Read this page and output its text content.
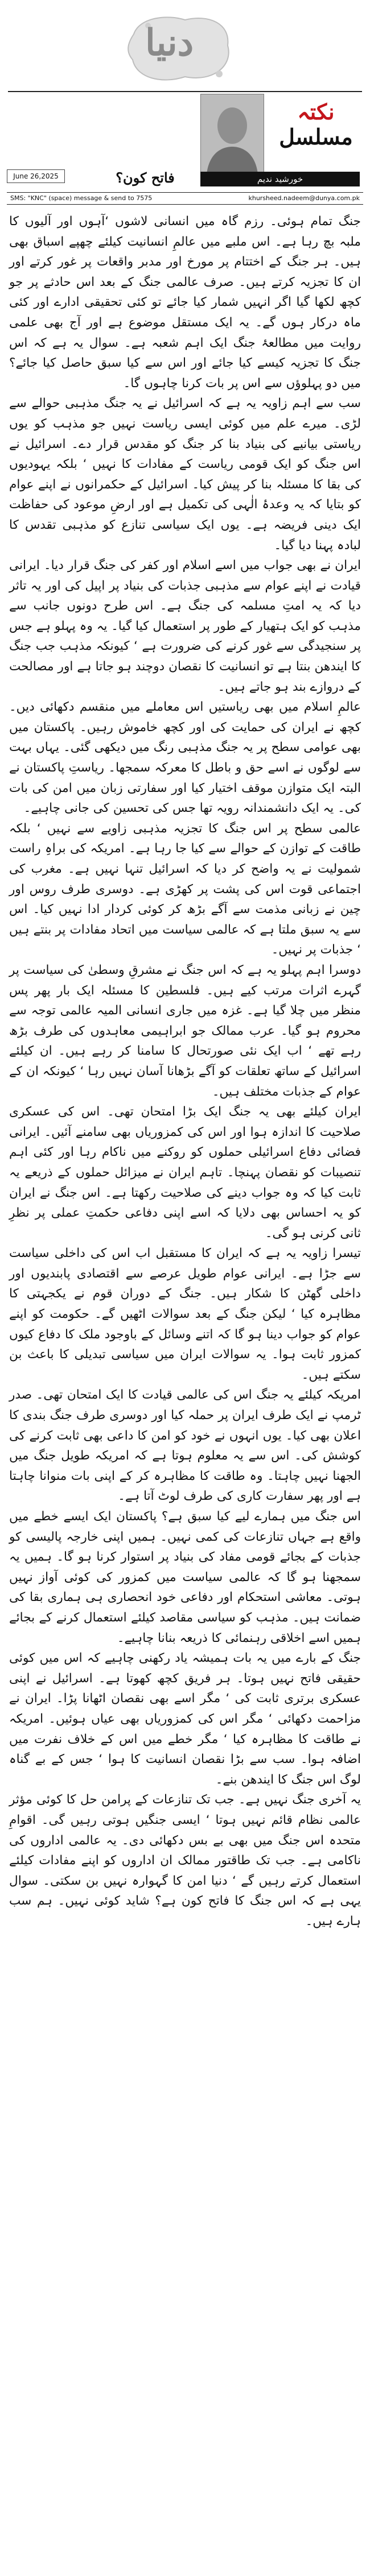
دنیا
نکتہ
مسلسل
خورشید ندیم
June 26,2025	فاتح کون؟
SMS: "KNC" (space) message & send to 7575	khursheed.nadeem@dunya.com.pk

جنگ تمام ہوئی۔ رزم گاہ میں انسانی لاشوں ‘آہوں اور آلیوں کا ملبہ بچ رہا ہے۔ اس ملبے میں عالمِ انسانیت کیلئے چھپے اسباق بھی ہیں۔ ہر جنگ کے اختتام پر مورخ اور مدبر واقعات پر غور کرتے اور ان کا تجزیہ کرتے ہیں۔ صرف عالمی جنگ کے بعد اس حادثے پر جو کچھ لکھا گیا اگر انہیں شمار کیا جائے تو کئی تحقیقی ادارے اور کئی ماہ درکار ہوں گے۔ یہ ایک مستقل موضوع ہے اور آج بھی علمی روایت میں مطالعۂ جنگ ایک اہم شعبہ ہے۔ سوال یہ ہے کہ اس جنگ کا تجزیہ کیسے کیا جائے اور اس سے کیا سبق حاصل کیا جائے؟ میں دو پہلوؤں سے اس پر بات کرنا چاہوں گا۔

سب سے اہم زاویہ یہ ہے کہ اسرائیل نے یہ جنگ مذہبی حوالے سے لڑی۔ میرے علم میں کوئی ایسی ریاست نہیں جو مذہب کو یوں ریاستی بیانیے کی بنیاد بنا کر جنگ کو مقدس قرار دے۔ اسرائیل نے اس جنگ کو ایک قومی ریاست کے مفادات کا نہیں ‘ بلکہ یہودیوں کی بقا کا مسئلہ بنا کر پیش کیا۔ اسرائیل کے حکمرانوں نے اپنے عوام کو بتایا کہ یہ وعدۂ الٰہی کی تکمیل ہے اور ارضِ موعود کی حفاظت ایک دینی فریضہ ہے۔ یوں ایک سیاسی تنازع کو مذہبی تقدس کا لبادہ پہنا دیا گیا۔

ایران نے بھی جواب میں اسے اسلام اور کفر کی جنگ قرار دیا۔ ایرانی قیادت نے اپنے عوام سے مذہبی جذبات کی بنیاد پر اپیل کی اور یہ تاثر دیا کہ یہ امتِ مسلمہ کی جنگ ہے۔ اس طرح دونوں جانب سے مذہب کو ایک ہتھیار کے طور پر استعمال کیا گیا۔ یہ وہ پہلو ہے جس پر سنجیدگی سے غور کرنے کی ضرورت ہے ‘ کیونکہ مذہب جب جنگ کا ایندھن بنتا ہے تو انسانیت کا نقصان دوچند ہو جاتا ہے اور مصالحت کے دروازے بند ہو جاتے ہیں۔

عالمِ اسلام میں بھی ریاستیں اس معاملے میں منقسم دکھائی دیں۔ کچھ نے ایران کی حمایت کی اور کچھ خاموش رہیں۔ پاکستان میں بھی عوامی سطح پر یہ جنگ مذہبی رنگ میں دیکھی گئی۔ یہاں بہت سے لوگوں نے اسے حق و باطل کا معرکہ سمجھا۔ ریاستِ پاکستان نے البتہ ایک متوازن موقف اختیار کیا اور سفارتی زبان میں امن کی بات کی۔ یہ ایک دانشمندانہ رویہ تھا جس کی تحسین کی جانی چاہیے۔

عالمی سطح پر اس جنگ کا تجزیہ مذہبی زاویے سے نہیں ‘ بلکہ طاقت کے توازن کے حوالے سے کیا جا رہا ہے۔ امریکہ کی براہِ راست شمولیت نے یہ واضح کر دیا کہ اسرائیل تنہا نہیں ہے۔ مغرب کی اجتماعی قوت اس کی پشت پر کھڑی ہے۔ دوسری طرف روس اور چین نے زبانی مذمت سے آگے بڑھ کر کوئی کردار ادا نہیں کیا۔ اس سے یہ سبق ملتا ہے کہ عالمی سیاست میں اتحاد مفادات پر بنتے ہیں ‘ جذبات پر نہیں۔

دوسرا اہم پہلو یہ ہے کہ اس جنگ نے مشرقِ وسطیٰ کی سیاست پر گہرے اثرات مرتب کیے ہیں۔ فلسطین کا مسئلہ ایک بار پھر پس منظر میں چلا گیا ہے۔ غزہ میں جاری انسانی المیہ عالمی توجہ سے محروم ہو گیا۔ عرب ممالک جو ابراہیمی معاہدوں کی طرف بڑھ رہے تھے ‘ اب ایک نئی صورتحال کا سامنا کر رہے ہیں۔ ان کیلئے اسرائیل کے ساتھ تعلقات کو آگے بڑھانا آسان نہیں رہا ‘ کیونکہ ان کے عوام کے جذبات مختلف ہیں۔

ایران کیلئے بھی یہ جنگ ایک بڑا امتحان تھی۔ اس کی عسکری صلاحیت کا اندازہ ہوا اور اس کی کمزوریاں بھی سامنے آئیں۔ ایرانی فضائی دفاع اسرائیلی حملوں کو روکنے میں ناکام رہا اور کئی اہم تنصیبات کو نقصان پہنچا۔ تاہم ایران نے میزائل حملوں کے ذریعے یہ ثابت کیا کہ وہ جواب دینے کی صلاحیت رکھتا ہے۔ اس جنگ نے ایران کو یہ احساس بھی دلایا کہ اسے اپنی دفاعی حکمتِ عملی پر نظرِ ثانی کرنی ہو گی۔

تیسرا زاویہ یہ ہے کہ ایران کا مستقبل اب اس کی داخلی سیاست سے جڑا ہے۔ ایرانی عوام طویل عرصے سے اقتصادی پابندیوں اور داخلی گھٹن کا شکار ہیں۔ جنگ کے دوران قوم نے یکجہتی کا مظاہرہ کیا ‘ لیکن جنگ کے بعد سوالات اٹھیں گے۔ حکومت کو اپنے عوام کو جواب دینا ہو گا کہ اتنے وسائل کے باوجود ملک کا دفاع کیوں کمزور ثابت ہوا۔ یہ سوالات ایران میں سیاسی تبدیلی کا باعث بن سکتے ہیں۔

امریکہ کیلئے یہ جنگ اس کی عالمی قیادت کا ایک امتحان تھی۔ صدر ٹرمپ نے ایک طرف ایران پر حملہ کیا اور دوسری طرف جنگ بندی کا اعلان بھی کیا۔ یوں انہوں نے خود کو امن کا داعی بھی ثابت کرنے کی کوشش کی۔ اس سے یہ معلوم ہوتا ہے کہ امریکہ طویل جنگ میں الجھنا نہیں چاہتا۔ وہ طاقت کا مظاہرہ کر کے اپنی بات منوانا چاہتا ہے اور پھر سفارت کاری کی طرف لوٹ آتا ہے۔

اس جنگ میں ہمارے لیے کیا سبق ہے؟ پاکستان ایک ایسے خطے میں واقع ہے جہاں تنازعات کی کمی نہیں۔ ہمیں اپنی خارجہ پالیسی کو جذبات کے بجائے قومی مفاد کی بنیاد پر استوار کرنا ہو گا۔ ہمیں یہ سمجھنا ہو گا کہ عالمی سیاست میں کمزور کی کوئی آواز نہیں ہوتی۔ معاشی استحکام اور دفاعی خود انحصاری ہی ہماری بقا کی ضمانت ہیں۔ مذہب کو سیاسی مقاصد کیلئے استعمال کرنے کے بجائے ہمیں اسے اخلاقی رہنمائی کا ذریعہ بنانا چاہیے۔

جنگ کے بارے میں یہ بات ہمیشہ یاد رکھنی چاہیے کہ اس میں کوئی حقیقی فاتح نہیں ہوتا۔ ہر فریق کچھ کھوتا ہے۔ اسرائیل نے اپنی عسکری برتری ثابت کی ‘ مگر اسے بھی نقصان اٹھانا پڑا۔ ایران نے مزاحمت دکھائی ‘ مگر اس کی کمزوریاں بھی عیاں ہوئیں۔ امریکہ نے طاقت کا مظاہرہ کیا ‘ مگر خطے میں اس کے خلاف نفرت میں اضافہ ہوا۔ سب سے بڑا نقصان انسانیت کا ہوا ‘ جس کے بے گناہ لوگ اس جنگ کا ایندھن بنے۔

یہ آخری جنگ نہیں ہے۔ جب تک تنازعات کے پرامن حل کا کوئی مؤثر عالمی نظام قائم نہیں ہوتا ‘ ایسی جنگیں ہوتی رہیں گی۔ اقوامِ متحدہ اس جنگ میں بھی بے بس دکھائی دی۔ یہ عالمی اداروں کی ناکامی ہے۔ جب تک طاقتور ممالک ان اداروں کو اپنے مفادات کیلئے استعمال کرتے رہیں گے ‘ دنیا امن کا گہوارہ نہیں بن سکتی۔ سوال یہی ہے کہ اس جنگ کا فاتح کون ہے؟ شاید کوئی نہیں۔ ہم سب ہارے ہیں۔
